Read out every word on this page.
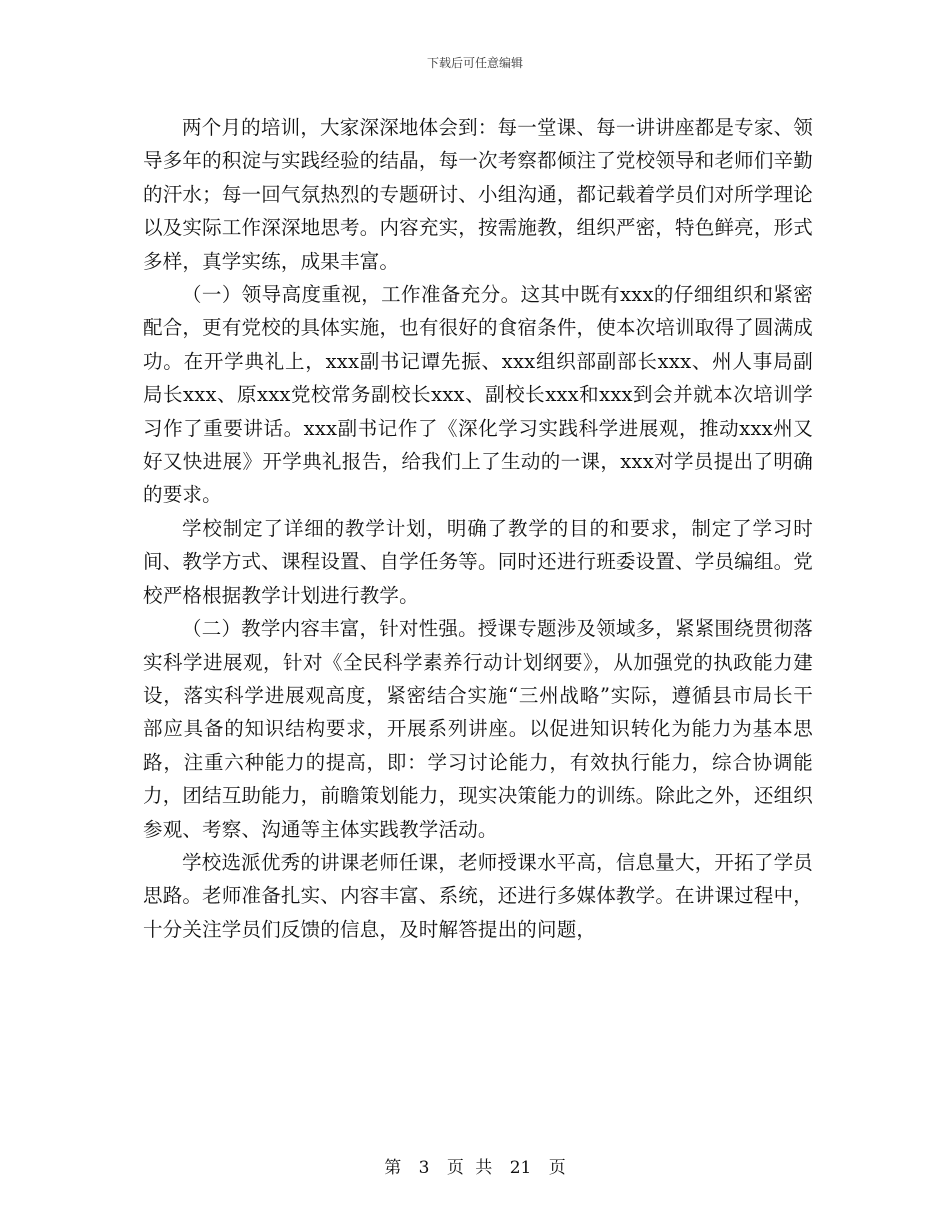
下载后可任意编辑

两个月的培训，大家深深地体会到：每一堂课、每一讲讲座都是专家、领导多年的积淀与实践经验的结晶，每一次考察都倾注了党校领导和老师们辛勤的汗水；每一回气氛热烈的专题研讨、小组沟通，都记载着学员们对所学理论以及实际工作深深地思考。内容充实，按需施教，组织严密，特色鲜亮，形式多样，真学实练，成果丰富。

（一）领导高度重视，工作准备充分。这其中既有xxx的仔细组织和紧密配合，更有党校的具体实施，也有很好的食宿条件，使本次培训取得了圆满成功。在开学典礼上，xxx副书记谭先振、xxx组织部副部长xxx、州人事局副局长xxx、原xxx党校常务副校长xxx、副校长xxx和xxx到会并就本次培训学习作了重要讲话。xxx副书记作了《深化学习实践科学进展观，推动xxx州又好又快进展》开学典礼报告，给我们上了生动的一课，xxx对学员提出了明确的要求。

学校制定了详细的教学计划，明确了教学的目的和要求，制定了学习时间、教学方式、课程设置、自学任务等。同时还进行班委设置、学员编组。党校严格根据教学计划进行教学。

（二）教学内容丰富，针对性强。授课专题涉及领域多，紧紧围绕贯彻落实科学进展观，针对《全民科学素养行动计划纲要》，从加强党的执政能力建设，落实科学进展观高度，紧密结合实施“三州战略”实际，遵循县市局长干部应具备的知识结构要求，开展系列讲座。以促进知识转化为能力为基本思路，注重六种能力的提高，即：学习讨论能力，有效执行能力，综合协调能力，团结互助能力，前瞻策划能力，现实决策能力的训练。除此之外，还组织参观、考察、沟通等主体实践教学活动。

学校选派优秀的讲课老师任课，老师授课水平高，信息量大，开拓了学员思路。老师准备扎实、内容丰富、系统，还进行多媒体教学。在讲课过程中，十分关注学员们反馈的信息，及时解答提出的问题，

第 3 页 共 21 页
